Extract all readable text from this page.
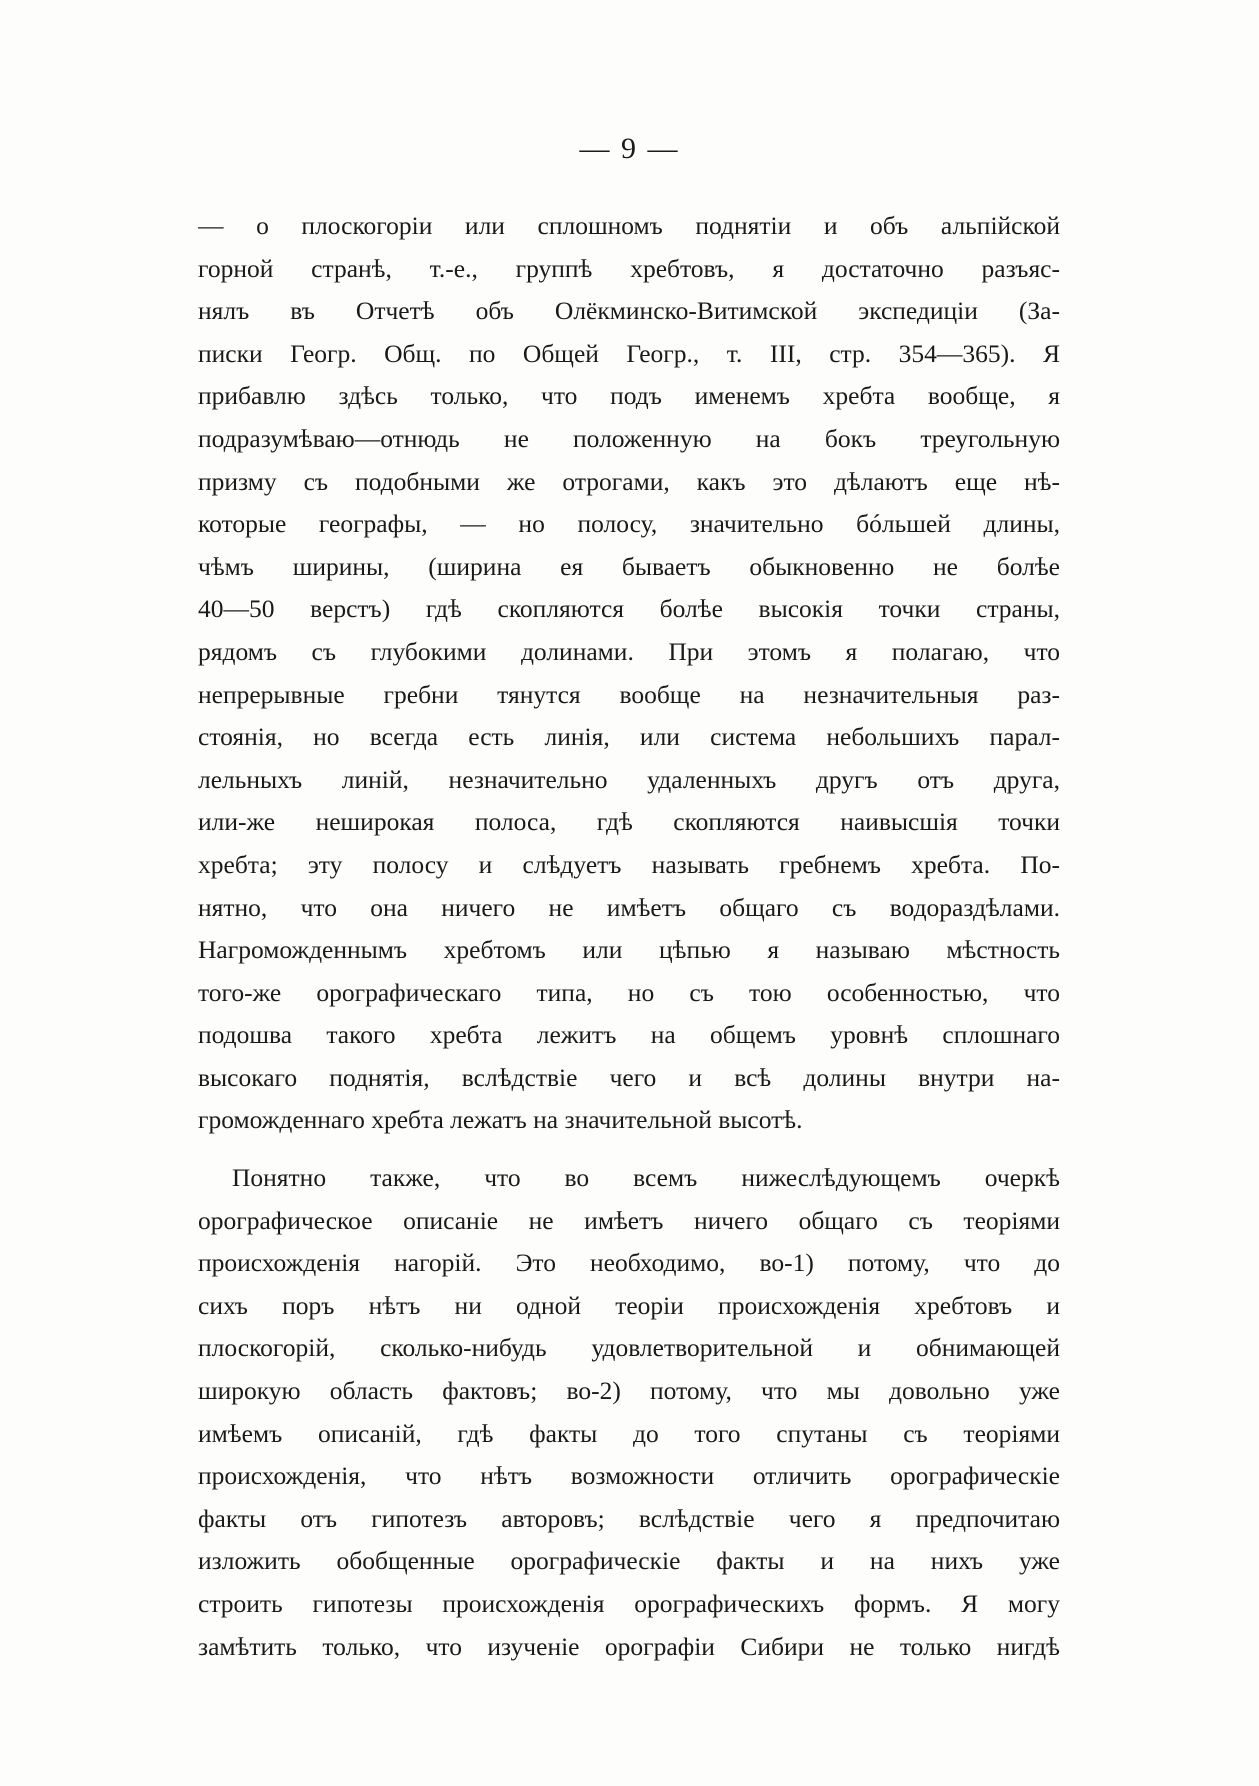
— 9 —
— о плоскогоріи или сплошномъ поднятіи и объ альпійской
горной странѣ, т.-е., группѣ хребтовъ, я достаточно разъяс-
нялъ въ Отчетѣ объ Олёкминско-Витимской экспедиціи (За-
писки Геогр. Общ. по Общей Геогр., т. III, стр. 354—365). Я
прибавлю здѣсь только, что подъ именемъ хребта вообще, я
подразумѣваю—отнюдь не положенную на бокъ треугольную
призму съ подобными же отрогами, какъ это дѣлаютъ еще нѣ-
которые географы, — но полосу, значительно бóльшей длины,
чѣмъ ширины, (ширина ея бываетъ обыкновенно не болѣе
40—50 верстъ) гдѣ скопляются болѣе высокія точки страны,
рядомъ съ глубокими долинами. При этомъ я полагаю, что
непрерывные гребни тянутся вообще на незначительныя раз-
стоянія, но всегда есть линія, или система небольшихъ парал-
лельныхъ линій, незначительно удаленныхъ другъ отъ друга,
или-же неширокая полоса, гдѣ скопляются наивысшія точки
хребта; эту полосу и слѣдуетъ называть гребнемъ хребта. По-
нятно, что она ничего не имѣетъ общаго съ водораздѣлами.
Нагроможденнымъ хребтомъ или цѣпью я называю мѣстность
того-же орографическаго типа, но съ тою особенностью, что
подошва такого хребта лежитъ на общемъ уровнѣ сплошнаго
высокаго поднятія, вслѣдствіе чего и всѣ долины внутри на-
громожденнаго хребта лежатъ на значительной высотѣ.
Понятно также, что во всемъ нижеслѣдующемъ очеркѣ
орографическое описаніе не имѣетъ ничего общаго съ теоріями
происхожденія нагорій. Это необходимо, во-1) потому, что до
сихъ поръ нѣтъ ни одной теоріи происхожденія хребтовъ и
плоскогорій, сколько-нибудь удовлетворительной и обнимающей
широкую область фактовъ; во-2) потому, что мы довольно уже
имѣемъ описаній, гдѣ факты до того спутаны съ теоріями
происхожденія, что нѣтъ возможности отличить орографическіе
факты отъ гипотезъ авторовъ; вслѣдствіе чего я предпочитаю
изложить обобщенные орографическіе факты и на нихъ уже
строить гипотезы происхожденія орографическихъ формъ. Я могу
замѣтить только, что изученіе орографіи Сибири не только нигдѣ
